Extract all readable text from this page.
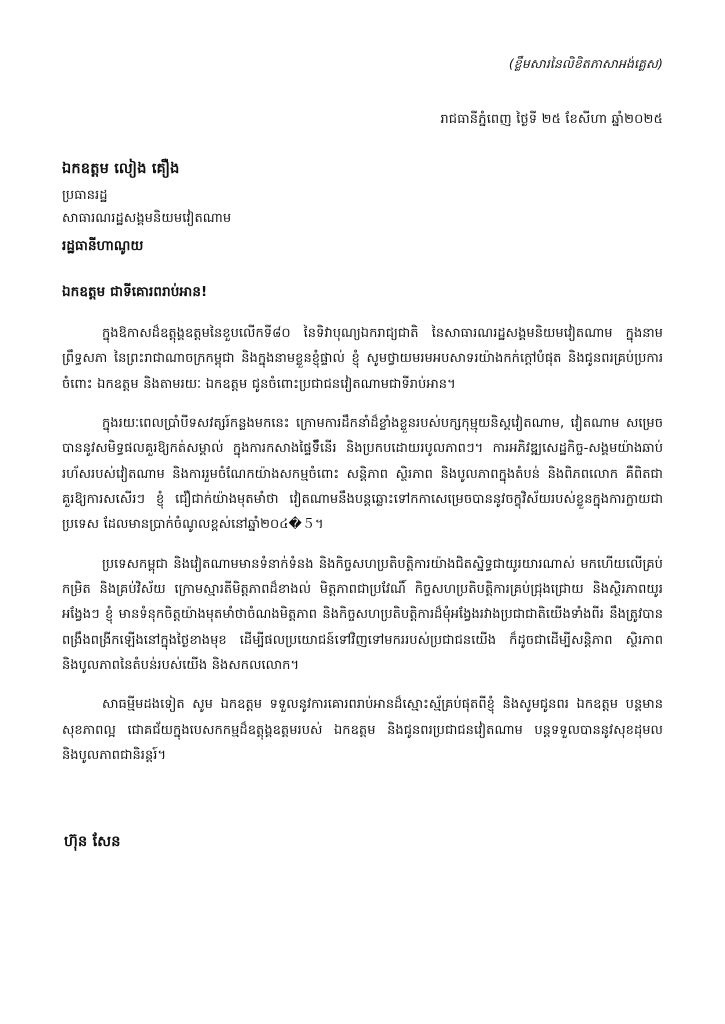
(ខ្លឹមសារនៃលិខិតភាសាអង់គ្លេស)
រាជធានីភ្នំពេញ ថ្ងៃទី ២៥ ខែសីហា ឆ្នាំ២០២៥
ឯកឧត្តម លៀង គឿង
ប្រធានរដ្ឋ
សាធារណរដ្ឋសង្គមនិយមវៀតណាម
រដ្ឋធានីហាណូយ
ឯកឧត្តម ជាទីគោរពរាប់អាន!

ក្នុងឱកាសដ៏ឧត្តុង្គឧត្តមនៃខួបលើកទី៨០ នៃទិវាបុណ្យឯករាជ្យជាតិ នៃសាធារណរដ្ឋសង្គមនិយមវៀតណាម ក្នុងនាមព្រឹទ្ធសភា នៃព្រះរាជាណាចក្រកម្ពុជា និងក្នុងនាមខ្លួនខ្ញុំផ្ទាល់ ខ្ញុំ សូមថ្វាយមរមអបសាទរយ៉ាងកក់ក្ដៅបំផុត និងជូនពរគ្រប់ប្រការចំពោះ ឯកឧត្តម និងតាមរយៈ ឯកឧត្តម ជូនចំពោះប្រជាជនវៀតណាមជាទីរាប់អាន។

ក្នុងរយៈពេលប្រាំបីទសវត្សរ៍កន្លងមកនេះ ក្រោមការដឹកនាំដ៏ខ្លាំងខ្លួនរបស់បក្សកុម្មុយនិស្តវៀតណាម, វៀតណាម សម្រេចបាននូវសមិទ្ធផលគួរឱ្យកត់សម្គាល់ ក្នុងការកសាងផ្ទៃទី៏នេីរ និងប្រកបដោយរបូលភាពៗ។ ការអភិវឌ្ឍសេដ្ឋកិច្ច-សង្គមយ៉ាងឆាប់រហ័សរបស់វៀតណាម និងការរួមចំណែកយ៉ាងសកម្មចំពោះ សន្តិភាព ស្ថិរភាព និងបូលភាពក្នុងតំបន់ និងពិភពលោក គឺពិតជាគួរឱ្យការសសើរៗ ខ្ញុំ ជឿជាក់យ៉ាងមុតមាំថា វៀតណាមនឹងបន្តឆ្លោះទៅកកាសេម្រេចបាននូវចក្ខុវិស័យរបស់ខ្លួនក្នុងការក្លាយជាប្រទេស ដែលមានប្រាក់ចំណូលខ្ពស់នៅឆ្នាំ២០៤�５។

ប្រទេសកម្ពុជា និងវៀតណាមមានទំនាក់ទំនង និងកិច្ចសហប្រតិបត្តិការយ៉ាងជិតស្និទ្ធជាយូរយារណាស់ មកហើយលើគ្រប់កម្រិត និងគ្រប់វិស័យ ក្រោមស្មារតីមិត្តភាពដ៏ខាងល់ មិត្តភាពជាប្រវែណិ៍ កិច្ចសហប្រតិបត្តិការគ្រប់ជ្រុងជ្រោយ និងស្ថិរភាពយូរអង្វែងៗ ខ្ញុំ មានទំនុកចិត្តយ៉ាងមុតមាំថាចំណងមិត្តភាព និងកិច្ចសហប្រតិបត្តិការដ៏មុំអង្វែងរវាងប្រជាជាតិយើងទាំងពីរ នឹងត្រូវបានពង្រឹងពង្រីកឡើងនៅក្នុងថ្ងៃខាងមុខ ដើម្បីផលប្រយោជន៍ទៅវិញទៅមកររបស់ប្រជាជនយើង ក៏ដូចជាដើម្បីសន្តិភាព ស្ថិរភាព និងបូលភាពនៃតំបន់របស់យើង និងសកលលោក។

សាធម្មីមដងទៀត សូម ឯកឧត្តម ទទួលនូវការគោរពរាប់អានដ៏ស្មោះស្ម័គ្រប់ផុតពីខ្ញុំ និងសូមជូនពរ ឯកឧត្តម បន្តមានសុខភាពល្អ ជោគជ័យក្នុងបេសកកម្មដ៏ឧត្តុង្គឧត្តមរបស់ ឯកឧត្តម និងជូនពរប្រជាជនវៀតណាម បន្តទទួលបាននូវសុខដុមល និងបូលភាពជានិរន្តរ៍។

ហ៊ុន សែន
